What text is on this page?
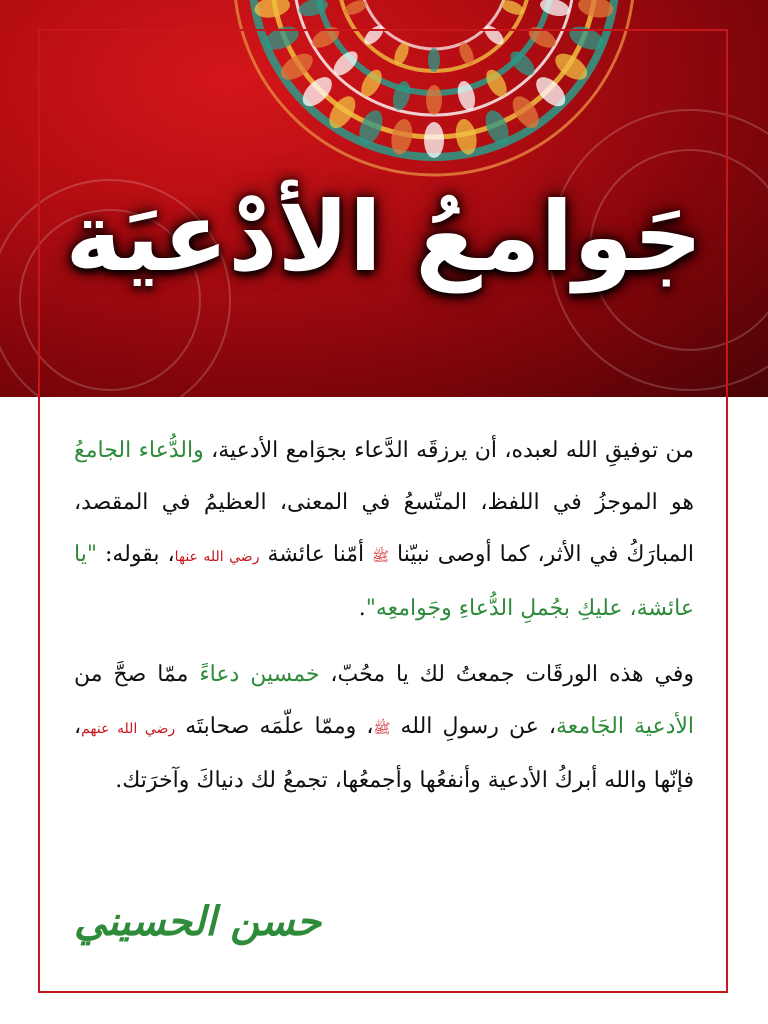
جَوامعُ الأدْعيَة

من توفيقِ الله لعبده، أن يرزقَه الدَّعاء بجوَامع الأدعية، والدُّعاء الجامعُ هو الموجزُ في اللفظ، المتّسعُ في المعنى، العظيمُ في المقصد، المبارَكُ في الأثر، كما أوصى نبيّنا ﷺ أمّنا عائشة رضي الله عنها، بقوله: "يا عائشة، عليكِ بجُملِ الدُّعاءِ وجَوامعِه".

وفي هذه الورقَات جمعتُ لك يا محُبّ، خمسين دعاءً ممّا صحَّ من الأدعية الجَامعة، عن رسولِ الله ﷺ، وممّا علّمَه صحابتَه رضي الله عنهم، فإنّها والله أبركُ الأدعية وأنفعُها وأجمعُها، تجمعُ لك دنياكَ وآخرَتك.

حسن الحسيني
